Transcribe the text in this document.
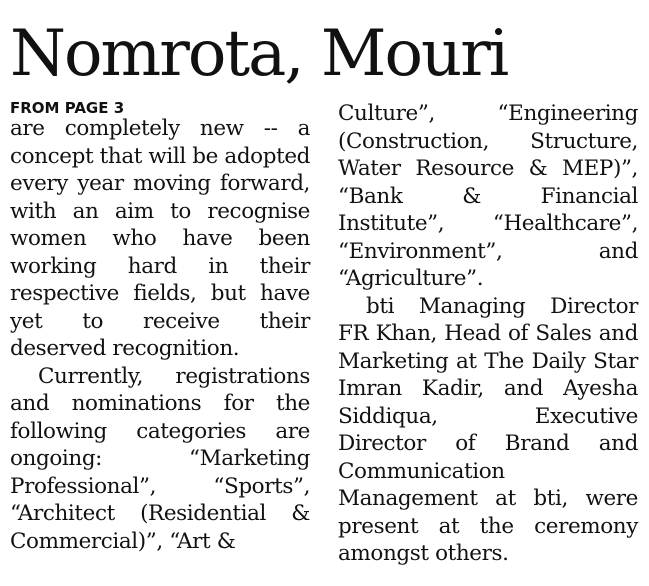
Nomrota, Mouri
FROM PAGE 3

are completely new -- a concept that will be adopted every year moving forward, with an aim to recognise women who have been working hard in their respective fields, but have yet to receive their deserved recognition.

Currently, registrations and nominations for the following categories are ongoing: “Marketing Professional”, “Sports”, “Architect (Residential & Commercial)”, “Art &

Culture”, “Engineering (Construction, Structure, Water Resource & MEP)”, “Bank & Financial Institute”, “Healthcare”, “Environment”, and “Agriculture”.

bti Managing Director FR Khan, Head of Sales and Marketing at The Daily Star Imran Kadir, and Ayesha Siddiqua, Executive Director of Brand and Communication Management at bti, were present at the ceremony amongst others.
